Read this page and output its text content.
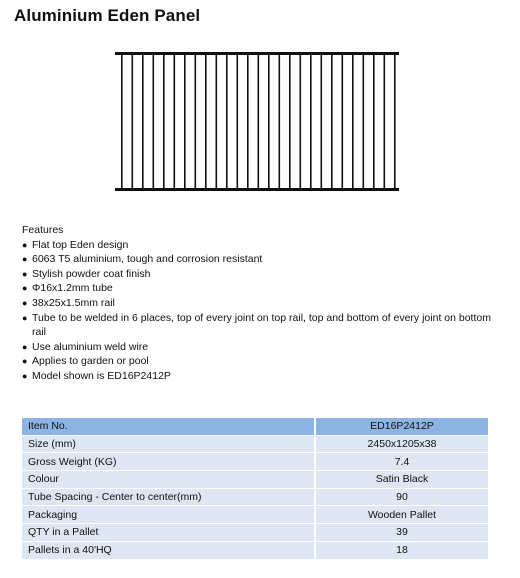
Aluminium Eden Panel
Features
● Flat top Eden design
● 6063 T5 aluminium, tough and corrosion resistant
● Stylish powder coat finish
● Φ16x1.2mm tube
● 38x25x1.5mm rail
● Tube to be welded in 6 places, top of every joint on top rail, top and bottom of every joint on bottom rail
● Use aluminium weld wire
● Applies to garden or pool
● Model shown is ED16P2412P
Item No.	ED16P2412P
Size (mm)	2450x1205x38
Gross Weight (KG)	7.4
Colour	Satin Black
Tube Spacing - Center to center(mm)	90
Packaging	Wooden Pallet
QTY in a Pallet	39
Pallets in a 40'HQ	18
